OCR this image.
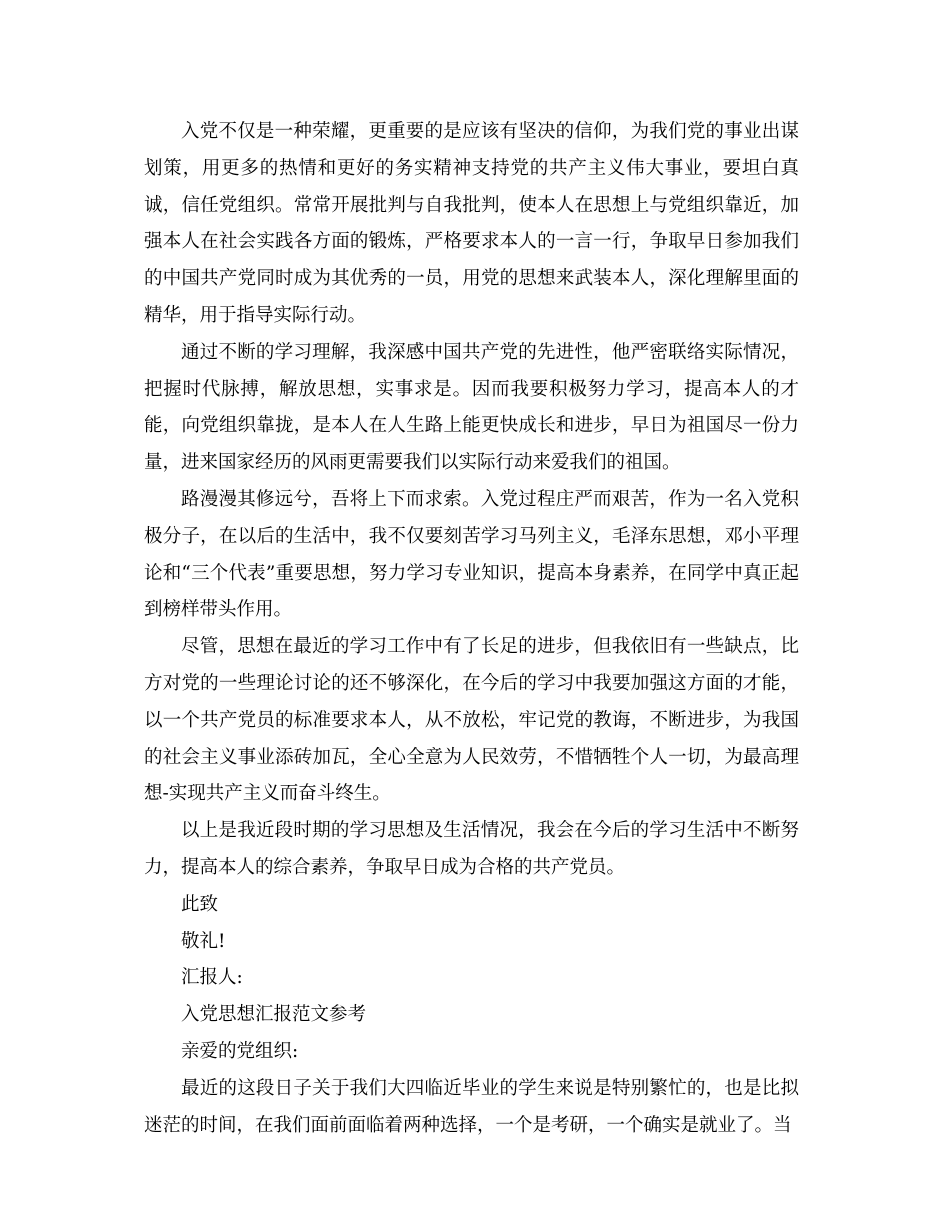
入党不仅是一种荣耀，更重要的是应该有坚决的信仰，为我们党的事业出谋划策，用更多的热情和更好的务实精神支持党的共产主义伟大事业，要坦白真诚，信任党组织。常常开展批判与自我批判，使本人在思想上与党组织靠近，加强本人在社会实践各方面的锻炼，严格要求本人的一言一行，争取早日参加我们的中国共产党同时成为其优秀的一员，用党的思想来武装本人，深化理解里面的精华，用于指导实际行动。

通过不断的学习理解，我深感中国共产党的先进性，他严密联络实际情况，把握时代脉搏，解放思想，实事求是。因而我要积极努力学习，提高本人的才能，向党组织靠拢，是本人在人生路上能更快成长和进步，早日为祖国尽一份力量，进来国家经历的风雨更需要我们以实际行动来爱我们的祖国。

路漫漫其修远兮，吾将上下而求索。入党过程庄严而艰苦，作为一名入党积极分子，在以后的生活中，我不仅要刻苦学习马列主义，毛泽东思想，邓小平理论和“三个代表”重要思想，努力学习专业知识，提高本身素养，在同学中真正起到榜样带头作用。

尽管，思想在最近的学习工作中有了长足的进步，但我依旧有一些缺点，比方对党的一些理论讨论的还不够深化，在今后的学习中我要加强这方面的才能，以一个共产党员的标准要求本人，从不放松，牢记党的教诲，不断进步，为我国的社会主义事业添砖加瓦，全心全意为人民效劳，不惜牺牲个人一切，为最高理想-实现共产主义而奋斗终生。

以上是我近段时期的学习思想及生活情况，我会在今后的学习生活中不断努力，提高本人的综合素养，争取早日成为合格的共产党员。

此致

敬礼!

汇报人:

入党思想汇报范文参考

亲爱的党组织:

最近的这段日子关于我们大四临近毕业的学生来说是特别繁忙的，也是比拟迷茫的时间，在我们面前面临着两种选择，一个是考研，一个确实是就业了。当
